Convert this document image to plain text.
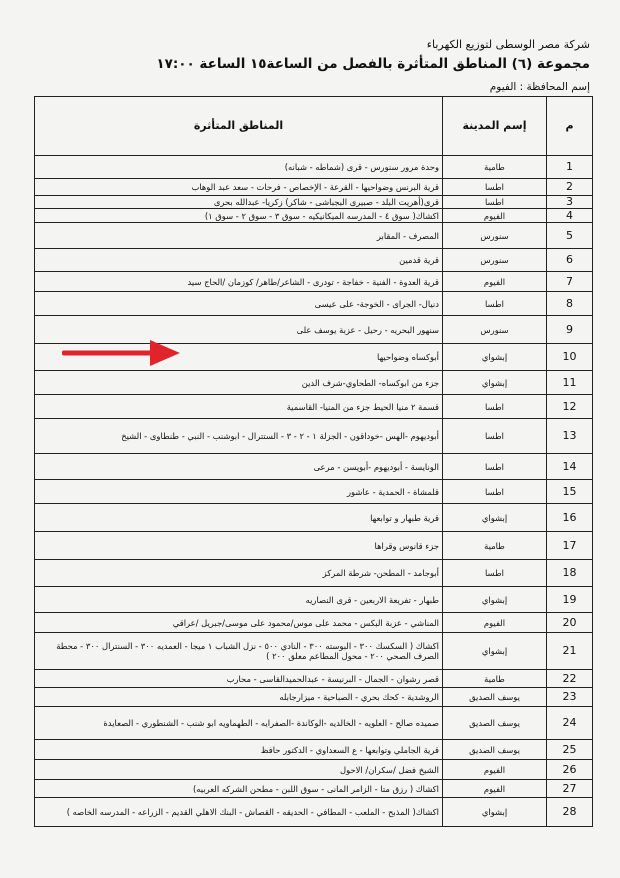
شركة مصر الوسطى لتوزيع الكهرباء
مجموعة (٦) المناطق المتأثرة بالفصل من الساعة١٥ الساعة ١٧:٠٠
إسم المحافظة : الفيوم
م	إسم المدينة	المناطق المتأثرة
1	طامية	وحدة مرور سنورس - قرى (شماطه - شبانه)
2	اطسا	قرية البرنس وضواحيها - القرعة - الإخصاص - فرحات - سعد عبد الوهاب
3	اطسا	قرى(أهريت البلد - صبيرى البجباشى - شاكر) زكريا- عبدالله بحرى
4	الفيوم	اكشاك( سوق ٤ - المدرسه الميكانيكيه - سوق ٣ - سوق ٢ - سوق ١)
5	سنورس	المصرف - المقابر
6	سنورس	قرية قدمين
7	الفيوم	قرية العدوة - الفنية - خفاجة - تودرى - الشاعر/طاهر/ كوزمان /الحاج سيد
8	اطسا	دنيال- الجراى - الخوجة- على عيسى
9	سنورس	سنهور البحريه - رحيل - عزبة يوسف على
10	إبشواي	أبوكساه وضواحيها
11	إبشواي	جزء من ابوكساه- الطحاوي-شرف الدين
12	اطسا	قسمة ٢ منيا الحيط جزء من المنيا- القاسمية
13	اطسا	أبوديهوم -الهس -خوداقون - الجزلة ١ - ٢ - ٣ - الستترال - ابوشنب - النبي - طنطاوى - الشيخ
14	اطسا	الونايسة - أبوديهوم -أبويسن - مرعى
15	اطسا	قلمشاة - الحمدية - عاشور
16	إبشواي	قرية طبهار و توابعها
17	طامية	جزء قانوس وقراها
18	اطسا	أبوجامد - المطحن- شرطة المركز
19	إبشواي	طبهار - تفريعة الاربعين - قرى النصاريه
20	الفيوم	المناشي - عزبة البكس - محمد على موس/محمود على موسى/جبريل /عراقي
21	إبشواي	اكشاك ( السكسك ٣٠٠ - البوسته ٣٠٠ - النادي ٥٠٠ - نزل الشباب ١ ميجا - العمديه ٣٠٠ - السنترال ٣٠٠ - محطة الصرف الصحي ٢٠٠ - محول المطاعم معلق ٢٠٠ )
22	طامية	قصر رشوان - الجمال - البرنيسة - عبدالحميدالقاسى - محارب
23	يوسف الصديق	الروشدية - كحك بحري - الصباحية - ميزارجابله
24	يوسف الصديق	صميده صالح - العلويه - الخالديه -الوكاندة -الصفرايه - الطهماويه ابو شنب - الشنطوري - الصعايدة
25	يوسف الصديق	قرية الجاملي وتوابعها - ع السعداوي - الدكتور حافظ
26	الفيوم	الشيخ فضل /سكران/ الاحول
27	الفيوم	اكشاك ( رزق متا - الزامر المانى - سوق اللبن - مطحن الشركه العربيه)
28	إبشواي	اكشاك( المذبح - الملعب - المطافي - الحديقه - القصاش - البنك الاهلي القديم - الزراعه - المدرسه الخاصه )
